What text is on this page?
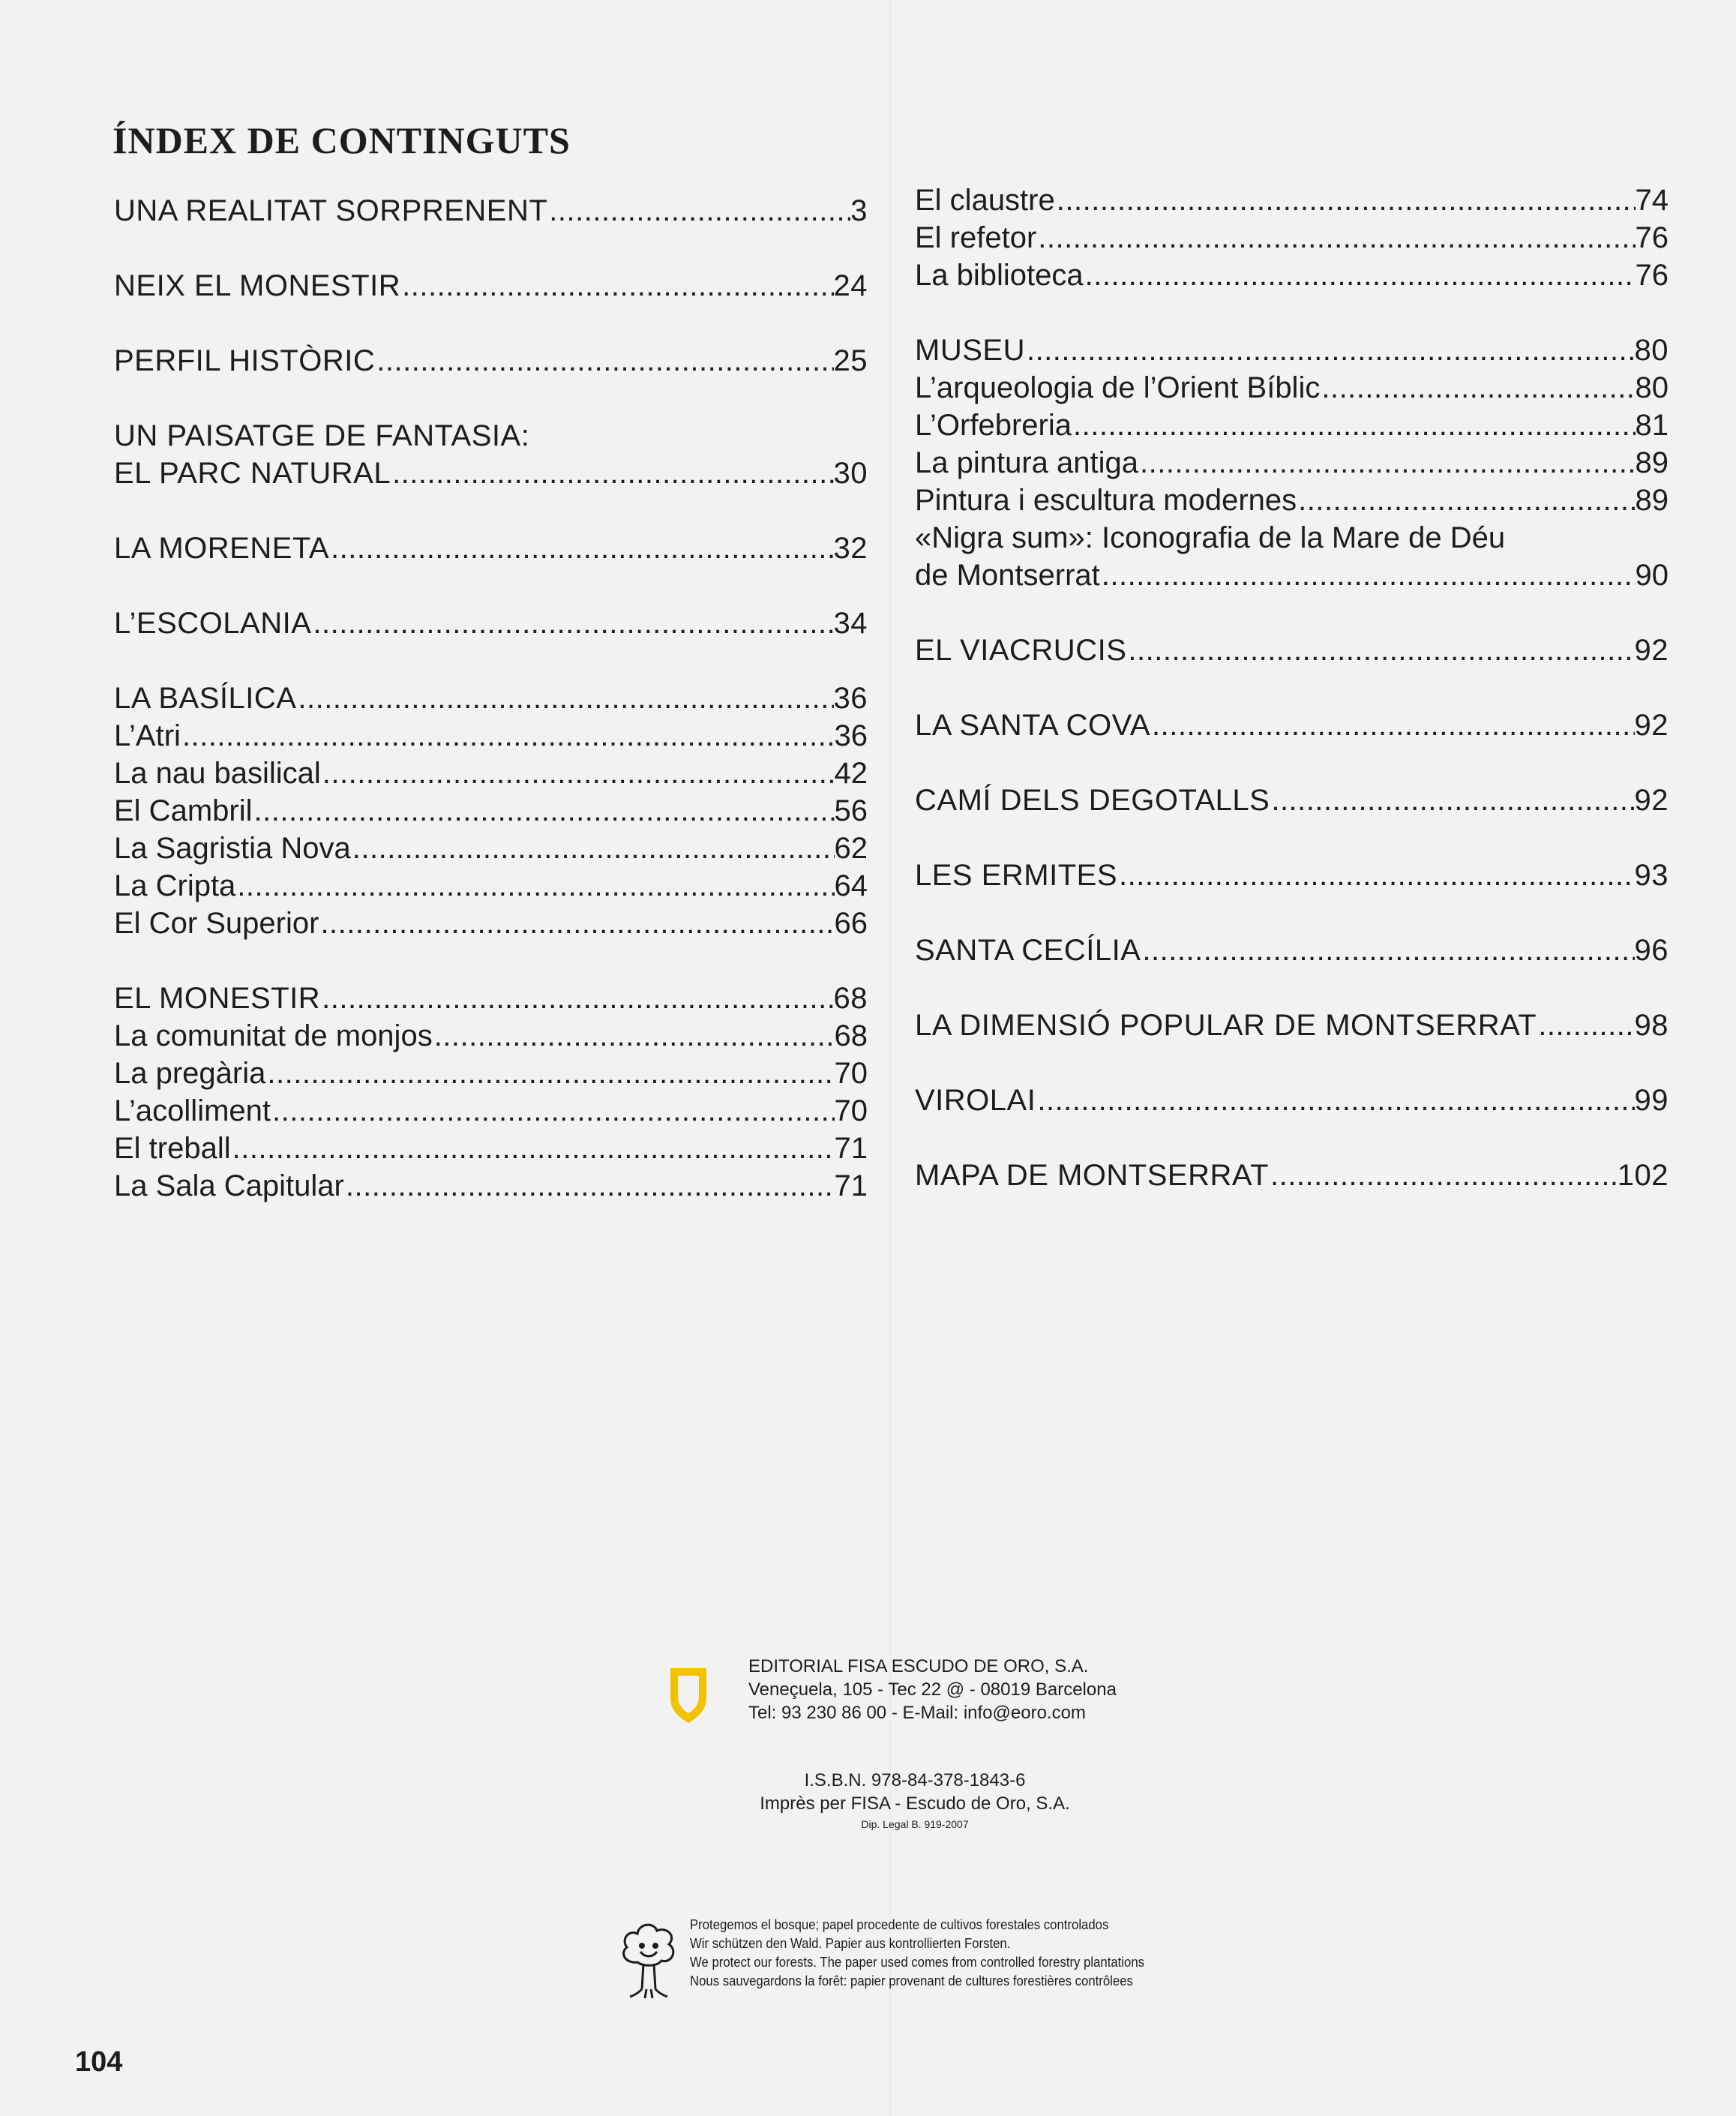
ÍNDEX DE CONTINGUTS
UNA REALITAT SORPRENENT .....	3
NEIX EL MONESTIR .....	24
PERFIL HISTÒRIC .....	25
UN PAISATGE DE FANTASIA:
EL PARC NATURAL .....	30
LA MORENETA .....	32
L’ESCOLANIA .....	34
LA BASÍLICA .....	36
L’Atri .....	36
La nau basilical .....	42
El Cambril .....	56
La Sagristia Nova .....	62
La Cripta .....	64
El Cor Superior .....	66
EL MONESTIR .....	68
La comunitat de monjos .....	68
La pregària .....	70
L’acolliment .....	70
El treball .....	71
La Sala Capitular .....	71
El claustre .....	74
El refetor .....	76
La biblioteca .....	76
MUSEU .....	80
L’arqueologia de l’Orient Bíblic .....	80
L’Orfebreria .....	81
La pintura antiga .....	89
Pintura i escultura modernes .....	89
«Nigra sum»: Iconografia de la Mare de Déu
de Montserrat .....	90
EL VIACRUCIS .....	92
LA SANTA COVA .....	92
CAMÍ DELS DEGOTALLS .....	92
LES ERMITES .....	93
SANTA CECÍLIA .....	96
LA DIMENSIÓ POPULAR DE MONTSERRAT .....	98
VIROLAI .....	99
MAPA DE MONTSERRAT .....	102
EDITORIAL FISA ESCUDO DE ORO, S.A.
Veneçuela, 105 - Tec 22 @ - 08019 Barcelona
Tel: 93 230 86 00 - E-Mail: info@eoro.com
I.S.B.N. 978-84-378-1843-6
Imprès per FISA - Escudo de Oro, S.A.
Dip. Legal B. 919-2007
Protegemos el bosque; papel procedente de cultivos forestales controlados
Wir schützen den Wald. Papier aus kontrollierten Forsten.
We protect our forests. The paper used comes from controlled forestry plantations
Nous sauvegardons la forêt: papier provenant de cultures forestières contrôlees
104
